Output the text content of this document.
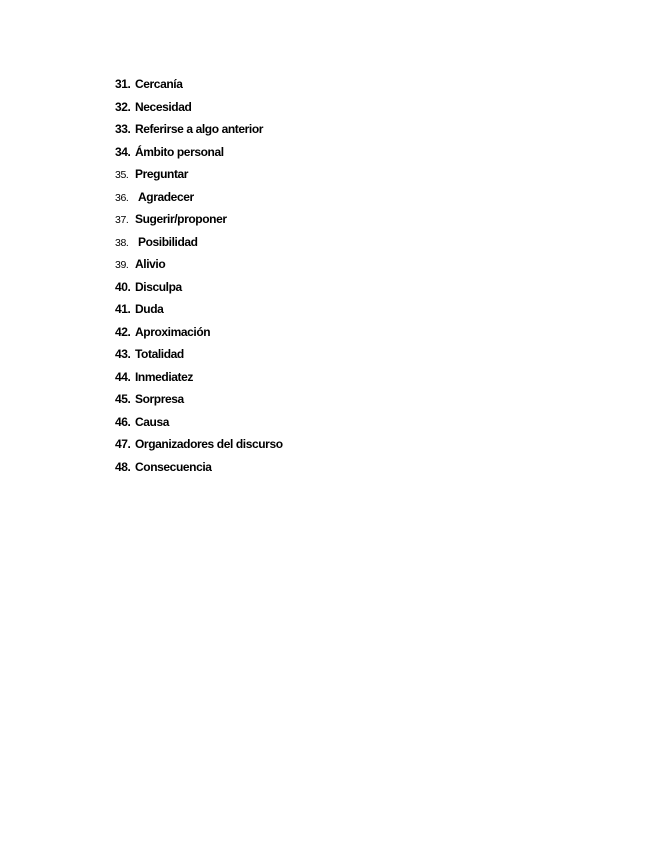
31. Cercanía
32. Necesidad
33. Referirse a algo anterior
34. Ámbito personal
35. Preguntar
36. Agradecer
37. Sugerir/proponer
38. Posibilidad
39. Alivio
40. Disculpa
41. Duda
42. Aproximación
43. Totalidad
44. Inmediatez
45. Sorpresa
46. Causa
47. Organizadores del discurso
48. Consecuencia
